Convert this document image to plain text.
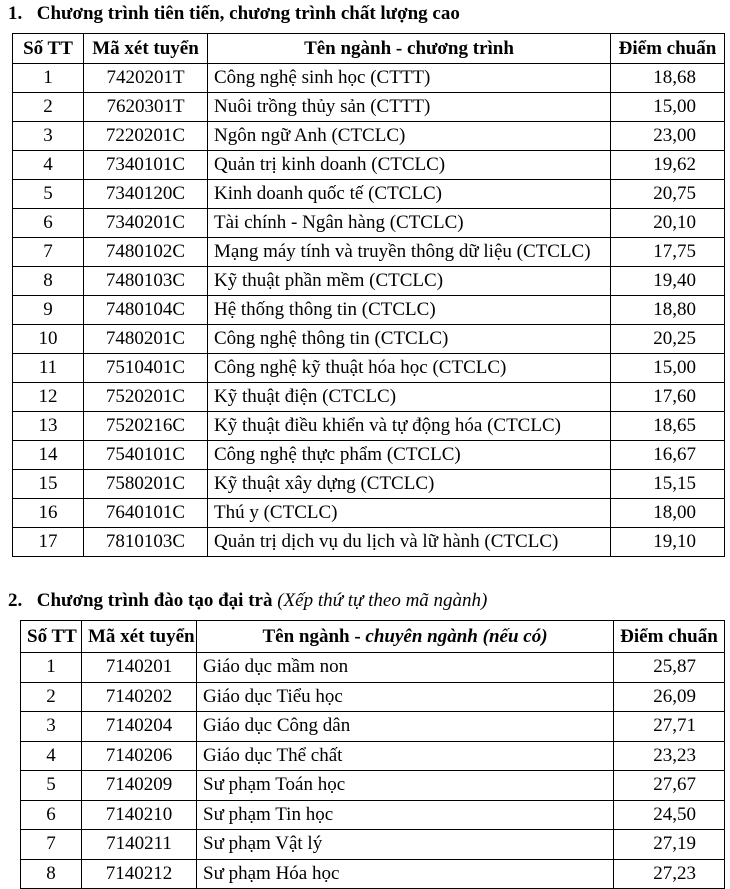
1. Chương trình tiên tiến, chương trình chất lượng cao
Số TT	Mã xét tuyển	Tên ngành - chương trình	Điểm chuẩn
1	7420201T	Công nghệ sinh học (CTTT)	18,68
2	7620301T	Nuôi trồng thủy sản (CTTT)	15,00
3	7220201C	Ngôn ngữ Anh (CTCLC)	23,00
4	7340101C	Quản trị kinh doanh (CTCLC)	19,62
5	7340120C	Kinh doanh quốc tế (CTCLC)	20,75
6	7340201C	Tài chính - Ngân hàng (CTCLC)	20,10
7	7480102C	Mạng máy tính và truyền thông dữ liệu (CTCLC)	17,75
8	7480103C	Kỹ thuật phần mềm (CTCLC)	19,40
9	7480104C	Hệ thống thông tin (CTCLC)	18,80
10	7480201C	Công nghệ thông tin (CTCLC)	20,25
11	7510401C	Công nghệ kỹ thuật hóa học (CTCLC)	15,00
12	7520201C	Kỹ thuật điện (CTCLC)	17,60
13	7520216C	Kỹ thuật điều khiển và tự động hóa (CTCLC)	18,65
14	7540101C	Công nghệ thực phẩm (CTCLC)	16,67
15	7580201C	Kỹ thuật xây dựng (CTCLC)	15,15
16	7640101C	Thú y (CTCLC)	18,00
17	7810103C	Quản trị dịch vụ du lịch và lữ hành (CTCLC)	19,10
2. Chương trình đào tạo đại trà (Xếp thứ tự theo mã ngành)
Số TT	Mã xét tuyển	Tên ngành - chuyên ngành (nếu có)	Điểm chuẩn
1	7140201	Giáo dục mầm non	25,87
2	7140202	Giáo dục Tiểu học	26,09
3	7140204	Giáo dục Công dân	27,71
4	7140206	Giáo dục Thể chất	23,23
5	7140209	Sư phạm Toán học	27,67
6	7140210	Sư phạm Tin học	24,50
7	7140211	Sư phạm Vật lý	27,19
8	7140212	Sư phạm Hóa học	27,23
